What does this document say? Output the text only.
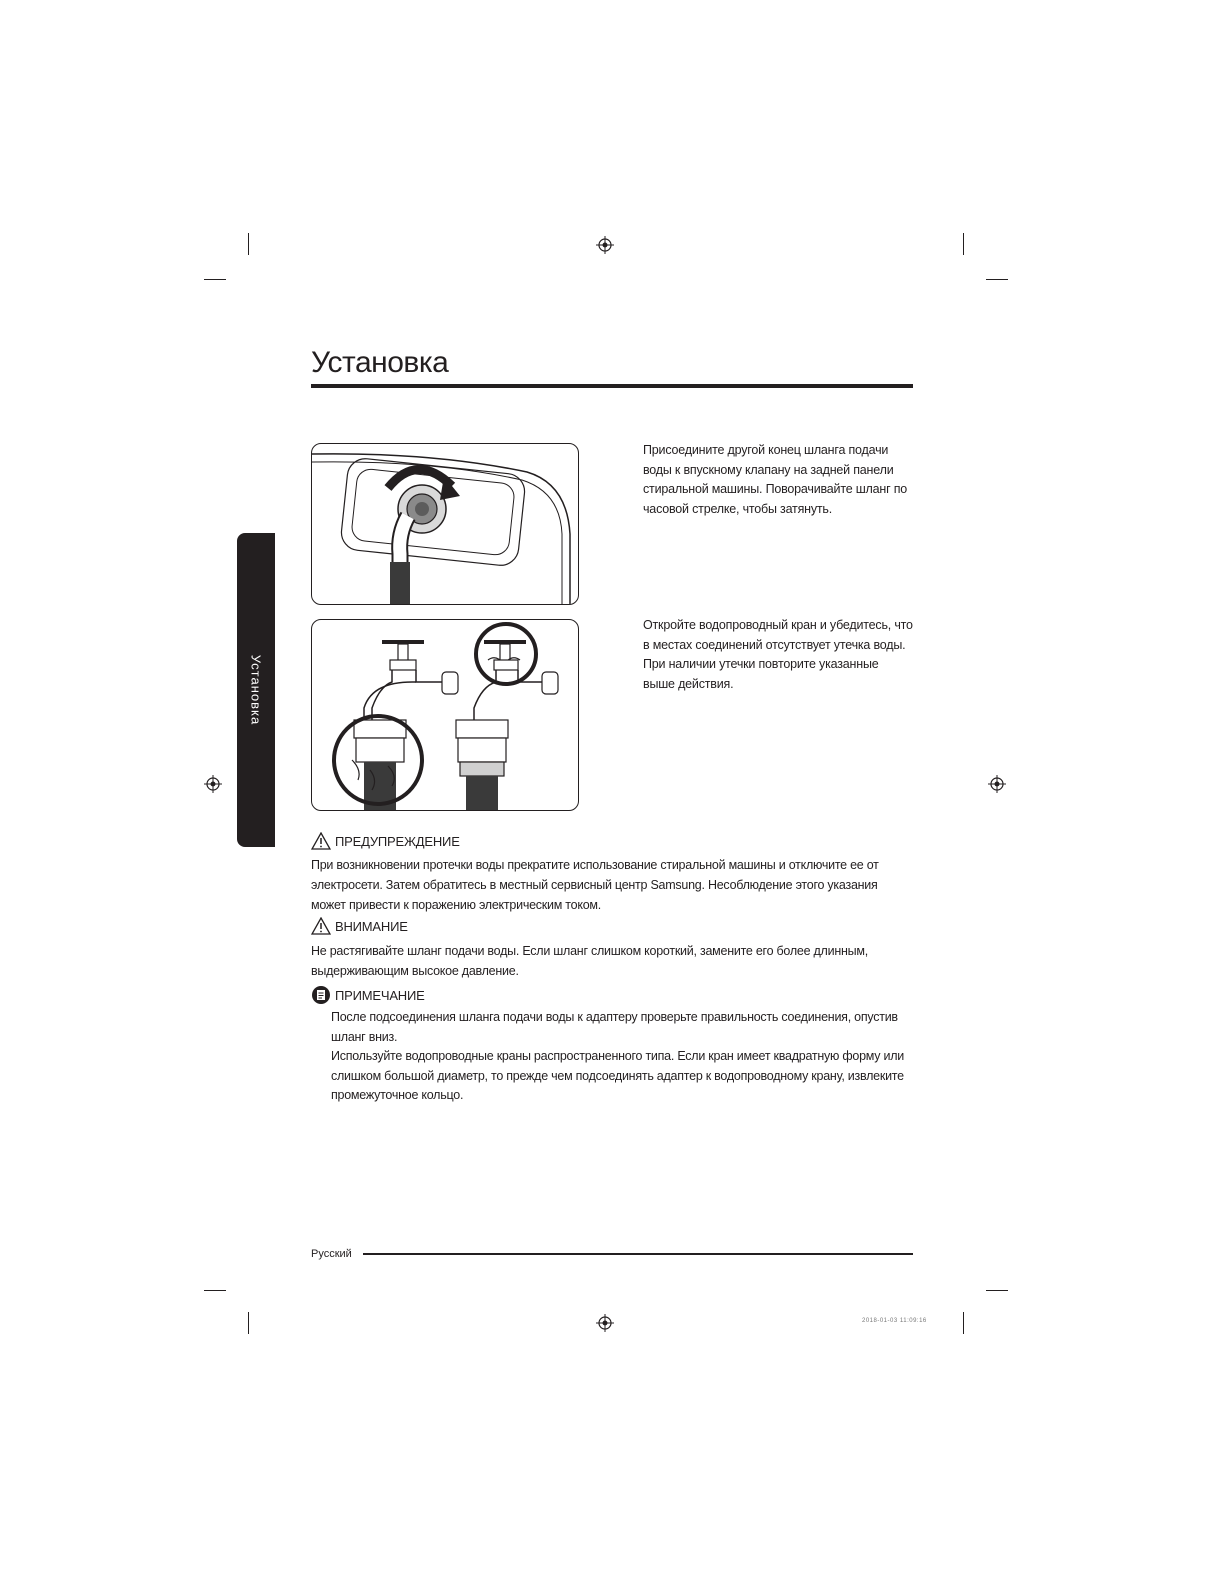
Установка
Установка
Присоедините другой конец шланга подачи воды к впускному клапану на задней панели стиральной машины. Поворачивайте шланг по часовой стрелке, чтобы затянуть.
Откройте водопроводный кран и убедитесь, что в местах соединений отсутствует утечка воды. При наличии утечки повторите указанные выше действия.
ПРЕДУПРЕЖДЕНИЕ
При возникновении протечки воды прекратите использование стиральной машины и отключите ее от электросети. Затем обратитесь в местный сервисный центр Samsung. Несоблюдение этого указания может привести к поражению электрическим током.
ВНИМАНИЕ
Не растягивайте шланг подачи воды. Если шланг слишком короткий, замените его более длинным, выдерживающим высокое давление.
ПРИМЕЧАНИЕ
После подсоединения шланга подачи воды к адаптеру проверьте правильность соединения, опустив шланг вниз.
Используйте водопроводные краны распространенного типа. Если кран имеет квадратную форму или слишком большой диаметр, то прежде чем подсоединять адаптер к водопроводному крану, извлеките промежуточное кольцо.
Русский
2018-01-03 11:09:16
